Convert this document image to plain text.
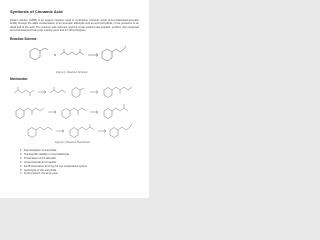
Synthesis of Cinnamic Acid
Perkin reaction (1868) is an organic reaction used to synthesise cinnamic acids (α,β-unsaturated aromatic acids) through the aldol condensation of an aromatic aldehyde and an acid anhydride, in the presence of an alkali salt of the acid. The reaction was refluxed, and the crude product was isolated, purified, then analysed and characterised using the melting point and FT-IR techniques.
Reaction Scheme
Figure 1. Reaction Scheme
Mechanism
Figure 2. Reaction Mechanism
1. Deprotonation of anhydride
2. Nucleophilic addition to benzaldehyde
3. Protonation of the alkoxide
4. Intramolecular acyl transfer
5. E1cB elimination forming the α,β-unsaturated system
6. Hydrolysis of the anhydride
7. Final product: cinnamic acid
